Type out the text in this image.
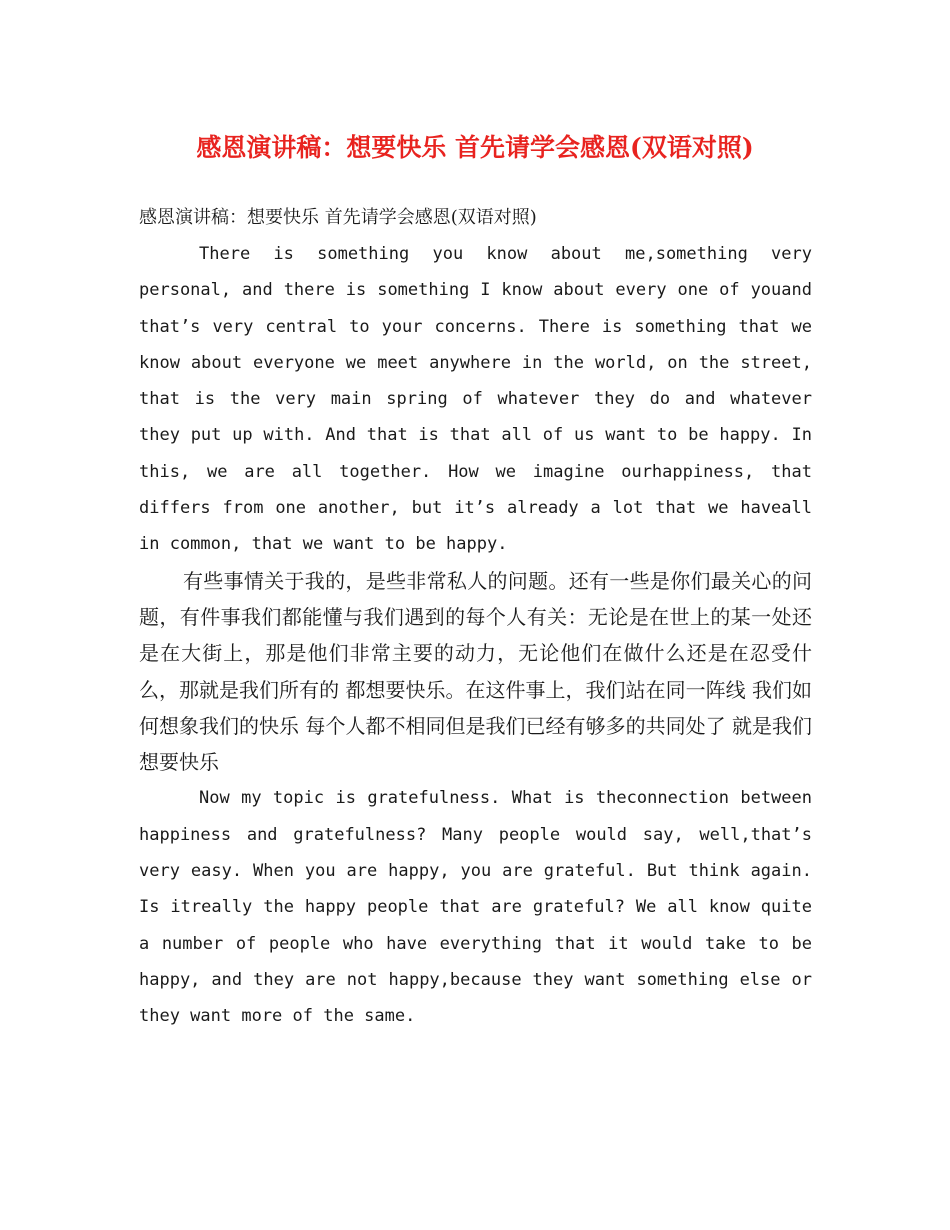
感恩演讲稿：想要快乐 首先请学会感恩(双语对照)

感恩演讲稿：想要快乐 首先请学会感恩(双语对照)

There is something you know about me,something very personal, and there is something I know about every one of youand that’s very central to your concerns. There is something that we know about everyone we meet anywhere in the world, on the street, that is the very main spring of whatever they do and whatever they put up with. And that is that all of us want to be happy. In this, we are all together. How we imagine ourhappiness, that differs from one another, but it’s already a lot that we haveall in common, that we want to be happy.

有些事情关于我的，是些非常私人的问题。还有一些是你们最关心的问题，有件事我们都能懂与我们遇到的每个人有关：无论是在世上的某一处还是在大街上，那是他们非常主要的动力，无论他们在做什么还是在忍受什么，那就是我们所有的 都想要快乐。在这件事上，我们站在同一阵线 我们如何想象我们的快乐 每个人都不相同但是我们已经有够多的共同处了 就是我们想要快乐

Now my topic is gratefulness. What is theconnection between happiness and gratefulness? Many people would say, well,that’s very easy. When you are happy, you are grateful. But think again. Is itreally the happy people that are grateful? We all know quite a number of people who have everything that it would take to be happy, and they are not happy,because they want something else or they want more of the same.
